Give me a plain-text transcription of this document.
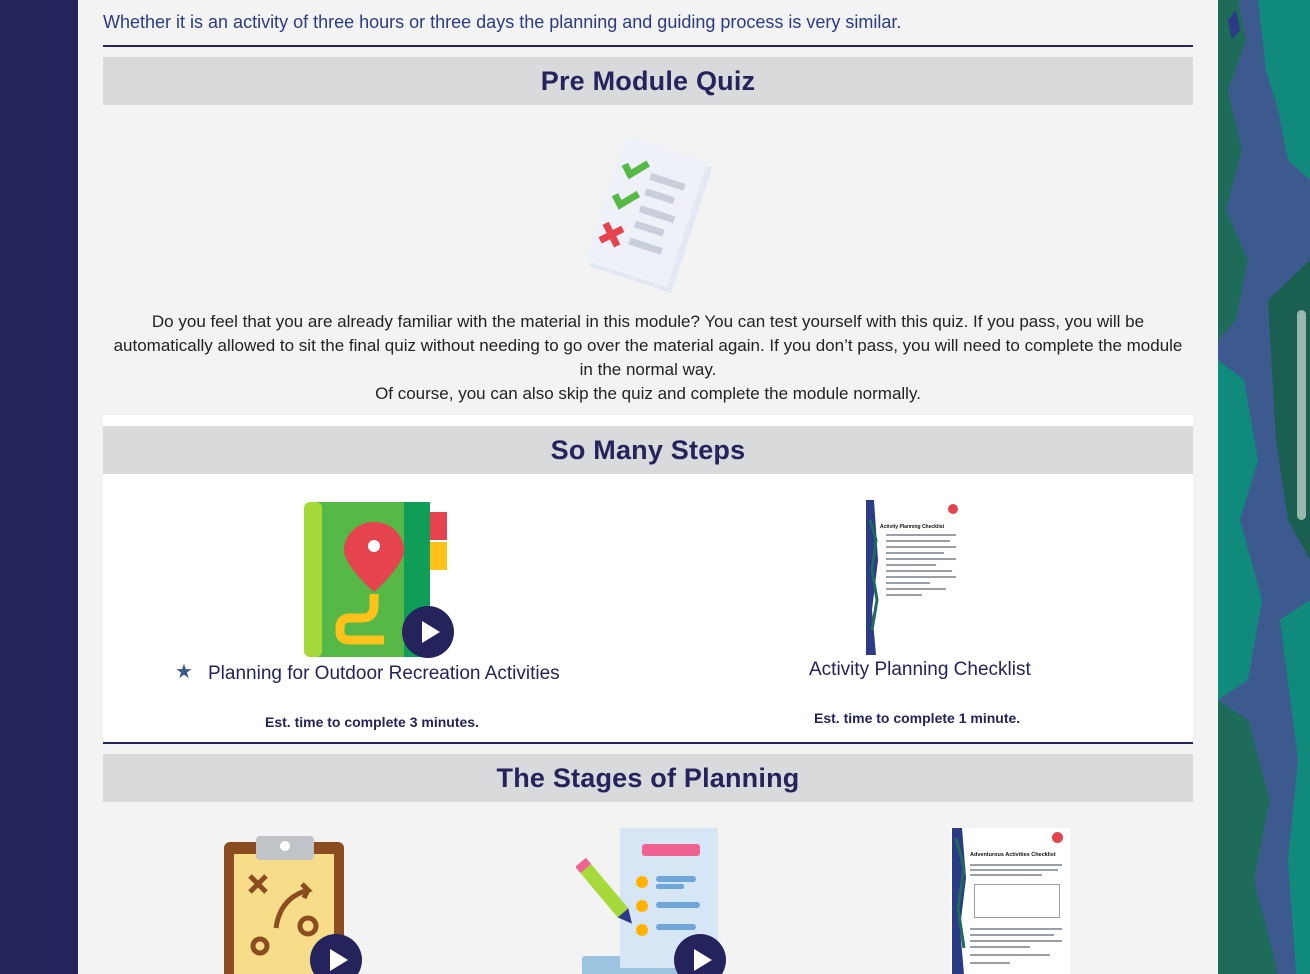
Whether it is an activity of three hours or three days the planning and guiding process is very similar.

Pre Module Quiz

Do you feel that you are already familiar with the material in this module? You can test yourself with this quiz. If you pass, you will be automatically allowed to sit the final quiz without needing to go over the material again. If you don’t pass, you will need to complete the module in the normal way.

Of course, you can also skip the quiz and complete the module normally.

So Many Steps
★ Planning for Outdoor Recreation Activities
Est. time to complete 3 minutes.
Activity Planning Checklist
Activity Planning Checklist
Est. time to complete 1 minute.
The Stages of Planning
Adventurous Activities Checklist
